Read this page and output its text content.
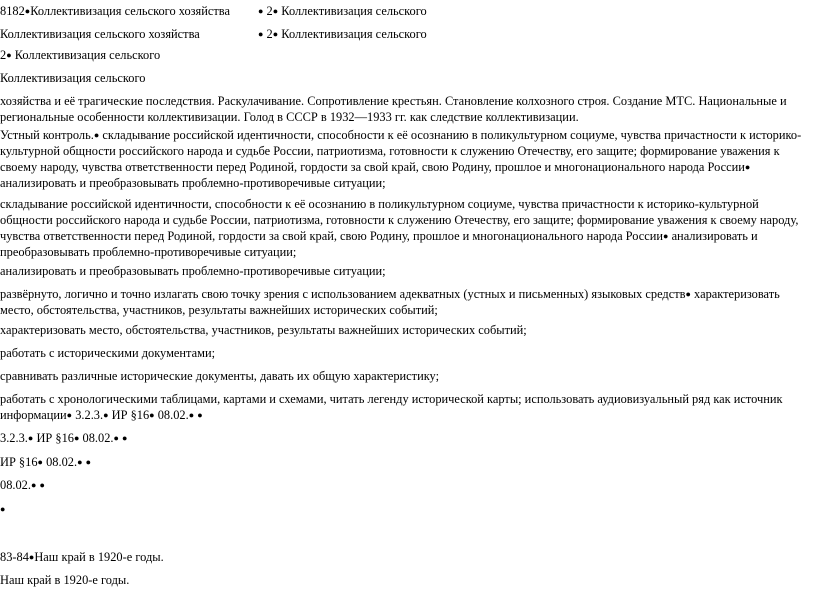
8182●Коллективизация сельского хозяйства	● 2● Коллективизация сельского
Коллективизация сельского хозяйства	● 2● Коллективизация сельского
2● Коллективизация сельского
Коллективизация сельского
хозяйства и её трагические последствия. Раскулачивание. Сопротивление крестьян. Становление колхозного строя. Создание МТС. Национальные и региональные особенности коллективизации. Голод в СССР в 1932—1933 гг. как следствие коллективизации.
Устный контроль.● складывание российской идентичности, способности к её осознанию в поликультурном социуме, чувства причастности к историко-культурной общности российского народа и судьбе России, патриотизма, готовности к служению Отечеству, его защите; формирование уважения к своему народу, чувства ответственности перед Родиной, гордости за свой край, свою Родину, прошлое и многонационального народа России● анализировать и преобразовывать проблемно-противоречивые ситуации;
складывание российской идентичности, способности к её осознанию в поликультурном социуме, чувства причастности к историко-культурной общности российского народа и судьбе России, патриотизма, готовности к служению Отечеству, его защите; формирование уважения к своему народу, чувства ответственности перед Родиной, гордости за свой край, свою Родину, прошлое и многонационального народа России● анализировать и преобразовывать проблемно-противоречивые ситуации;
анализировать и преобразовывать проблемно-противоречивые ситуации;
развёрнуто, логично и точно излагать свою точку зрения с использованием адекватных (устных и письменных) языковых средств● характеризовать место, обстоятельства, участников, результаты важнейших исторических событий;
характеризовать место, обстоятельства, участников, результаты важнейших исторических событий;
работать с историческими документами;
сравнивать различные исторические документы, давать их общую характеристику;
работать с хронологическими таблицами, картами и схемами, читать легенду исторической карты; использовать аудиовизуальный ряд как источник информации● 3.2.3.● ИР §16● 08.02.● ●
3.2.3.● ИР §16● 08.02.● ●
ИР §16● 08.02.● ●
08.02.● ●
●
83-84●Наш край в 1920-е годы.
Наш край в 1920-е годы.
